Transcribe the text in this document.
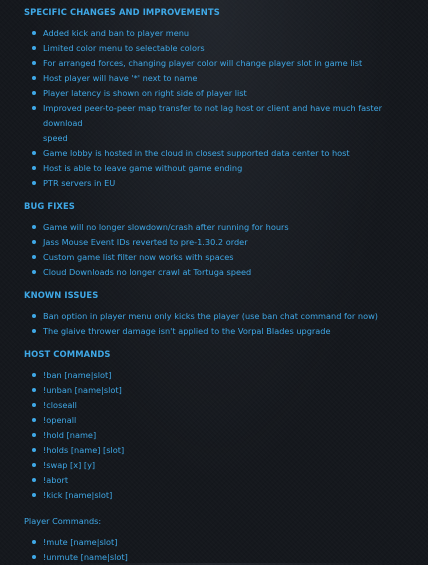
SPECIFIC CHANGES AND IMPROVEMENTS
Added kick and ban to player menu
Limited color menu to selectable colors
For arranged forces, changing player color will change player slot in game list
Host player will have '*' next to name
Player latency is shown on right side of player list
Improved peer-to-peer map transfer to not lag host or client and have much faster download
speed
Game lobby is hosted in the cloud in closest supported data center to host
Host is able to leave game without game ending
PTR servers in EU
BUG FIXES
Game will no longer slowdown/crash after running for hours
Jass Mouse Event IDs reverted to pre-1.30.2 order
Custom game list filter now works with spaces
Cloud Downloads no longer crawl at Tortuga speed
KNOWN ISSUES
Ban option in player menu only kicks the player (use ban chat command for now)
The glaive thrower damage isn't applied to the Vorpal Blades upgrade
HOST COMMANDS
!ban [name|slot]
!unban [name|slot]
!closeall
!openall
!hold [name]
!holds [name] [slot]
!swap [x] [y]
!abort
!kick [name|slot]

Player Commands:

!mute [name|slot]
!unmute [name|slot]
